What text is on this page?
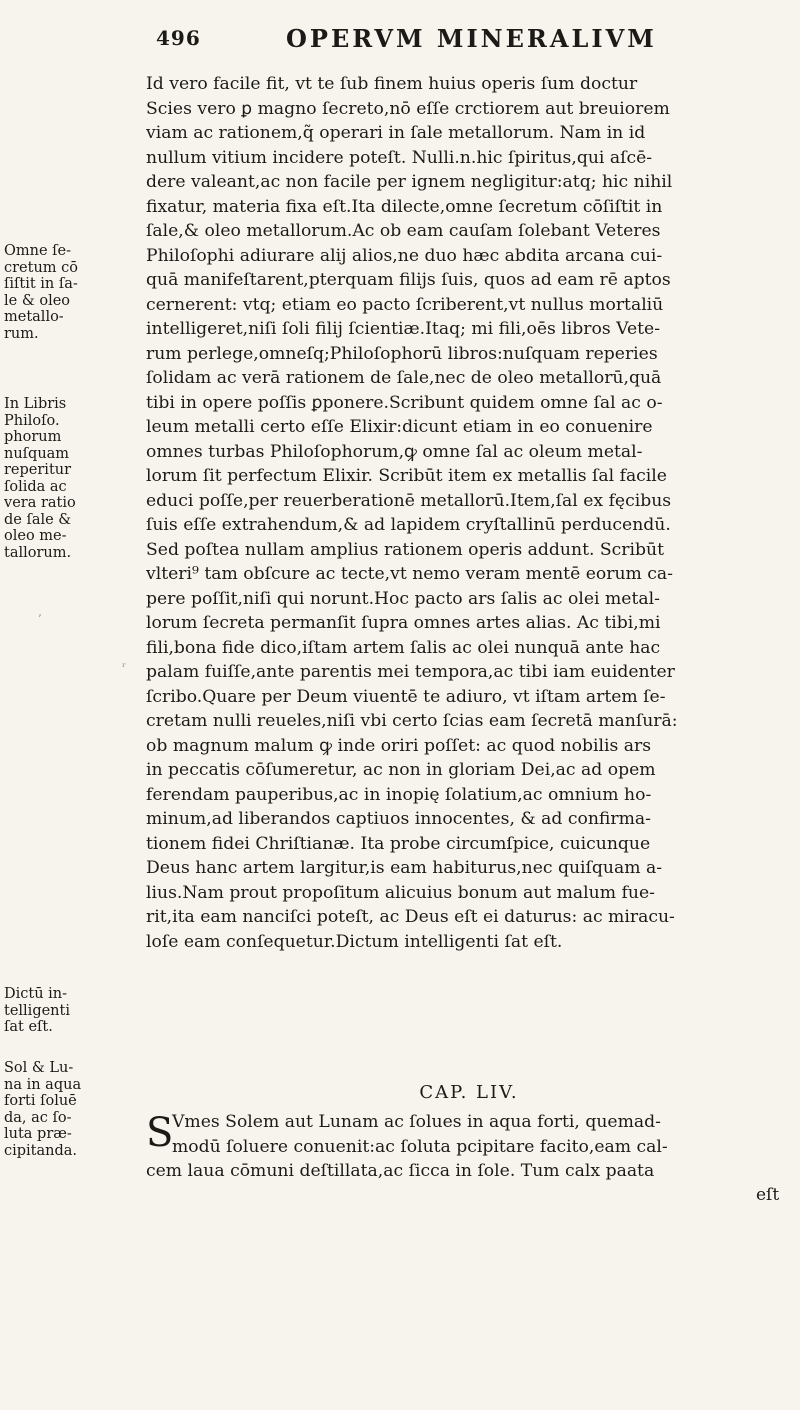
496	OPERVM MINERALIVM
Id vero facile fit, vt te ſub finem huius operis ſum doctur
Scies vero ꝑ magno ſecreto,nō eſſe crctiorem aut breuiorem
viam ac rationem,q̃ operari in ſale metallorum. Nam in id
nullum vitium incidere poteſt. Nulli.n.hic ſpiritus,qui aſcē-
dere valeant,ac non facile per ignem negligitur:atq; hic nihil
fixatur, materia fixa eſt.Ita dilecte,omne ſecretum cōſiſtit in
ſale,& oleo metallorum.Ac ob eam cauſam ſolebant Veteres
Philoſophi adiurare alij alios,ne duo hæc abdita arcana cui-
quā manifeſtarent,pterquam filijs ſuis, quos ad eam rē aptos
cernerent: vtq; etiam eo pacto ſcriberent,vt nullus mortaliū
intelligeret,niſi ſoli filij ſcientiæ.Itaq; mi fili,oēs libros Vete-
rum perlege,omneſq;Philoſophorū libros:nuſquam reperies
ſolidam ac verā rationem de ſale,nec de oleo metallorū,quā
tibi in opere poſſis ꝑponere.Scribunt quidem omne ſal ac o-
leum metalli certo eſſe Elixir:dicunt etiam in eo conuenire
omnes turbas Philoſophorum,ꝙ omne ſal ac oleum metal-
lorum ſit perfectum Elixir. Scribūt item ex metallis ſal facile
educi poſſe,per reuerberationē metallorū.Item,ſal ex fęcibus
ſuis eſſe extrahendum,& ad lapidem cryſtallinū perducendū.
Sed poſtea nullam amplius rationem operis addunt. Scribūt
vlteri⁹ tam obſcure ac tecte,vt nemo veram mentē eorum ca-
pere poſſit,niſi qui norunt.Hoc pacto ars ſalis ac olei metal-
lorum ſecreta permanſit ſupra omnes artes alias. Ac tibi,mi
fili,bona fide dico,iſtam artem ſalis ac olei nunquā ante hac
palam fuiſſe,ante parentis mei tempora,ac tibi iam euidenter
ſcribo.Quare per Deum viuentē te adiuro, vt iſtam artem ſe-
cretam nulli reueles,niſi vbi certo ſcias eam ſecretā manſurā:
ob magnum malum ꝙ inde oriri poſſet: ac quod nobilis ars
in peccatis cōſumeretur, ac non in gloriam Dei,ac ad opem
ferendam pauperibus,ac in inopię ſolatium,ac omnium ho-
minum,ad liberandos captiuos innocentes, & ad confirma-
tionem fidei Chriſtianæ. Ita probe circumſpice, cuicunque
Deus hanc artem largitur,is eam habiturus,nec quiſquam a-
lius.Nam prout propoſitum alicuius bonum aut malum fue-
rit,ita eam nanciſci poteſt, ac Deus eſt ei daturus: ac miracu-
loſe eam conſequetur.Dictum intelligenti ſat eſt.
CAP. LIV.
S
Vmes Solem aut Lunam ac ſolues in aqua forti, quemad-
modū ſoluere conuenit:ac ſoluta pcipitare facito,eam cal-
cem laua cōmuni deſtillata,ac ſicca in ſole. Tum calx paata
eſt
Omne ſe-
cretum cō
ſiſtit in ſa-
le & oleo
metallo-
rum.
In Libris
Philoſo.
phorum
nuſquam
reperitur
ſolida ac
vera ratio
de ſale &
oleo me-
tallorum.
Dictū in-
telligenti
ſat eſt.
Sol & Lu-
na in aqua
forti ſoluē
da, ac ſo-
luta præ-
cipitanda.
٬
ʳ
